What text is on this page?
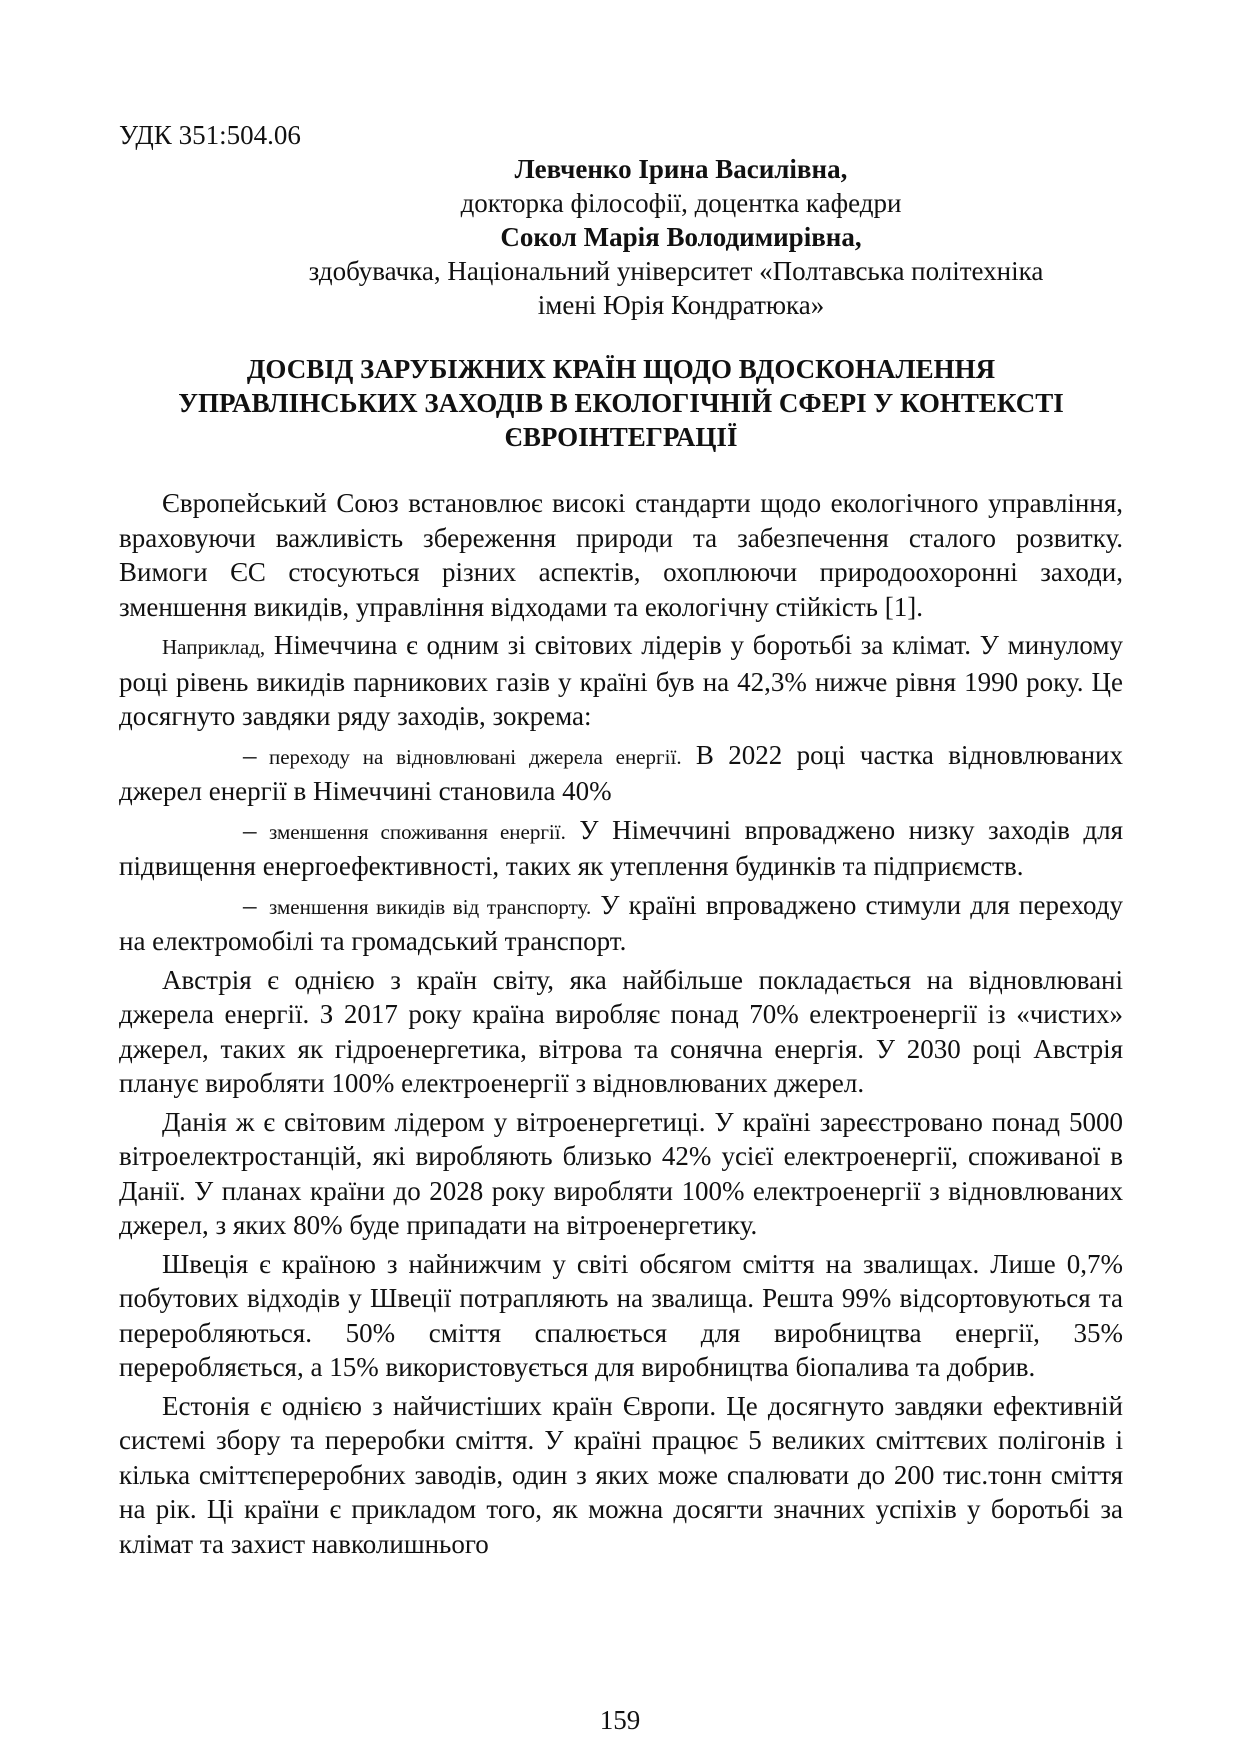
УДК 351:504.06
Левченко Ірина Василівна,
докторка філософії, доцентка кафедри
Сокол Марія Володимирівна,
здобувачка, Національний університет «Полтавська політехніка
імені Юрія Кондратюка»
ДОСВІД ЗАРУБІЖНИХ КРАЇН ЩОДО ВДОСКОНАЛЕННЯ
УПРАВЛІНСЬКИХ ЗАХОДІВ В ЕКОЛОГІЧНІЙ СФЕРІ У КОНТЕКСТІ
ЄВРОІНТЕГРАЦІЇ

Європейський Союз встановлює високі стандарти щодо екологічного управління, враховуючи важливість збереження природи та забезпечення сталого розвитку. Вимоги ЄС стосуються різних аспектів, охоплюючи природоохоронні заходи, зменшення викидів, управління відходами та екологічну стійкість [1].

Наприклад, Німеччина є одним зі світових лідерів у боротьбі за клімат. У минулому році рівень викидів парникових газів у країні був на 42,3% нижче рівня 1990 року. Це досягнуто завдяки ряду заходів, зокрема:

– переходу на відновлювані джерела енергії. В 2022 році частка відновлюваних джерел енергії в Німеччині становила 40%

– зменшення споживання енергії. У Німеччині впроваджено низку заходів для підвищення енергоефективності, таких як утеплення будинків та підприємств.

– зменшення викидів від транспорту. У країні впроваджено стимули для переходу на електромобілі та громадський транспорт.

Австрія є однією з країн світу, яка найбільше покладається на відновлювані джерела енергії. З 2017 року країна виробляє понад 70% електроенергії із «чистих» джерел, таких як гідроенергетика, вітрова та сонячна енергія. У 2030 році Австрія планує виробляти 100% електроенергії з відновлюваних джерел.

Данія ж є світовим лідером у вітроенергетиці. У країні зареєстровано понад 5000 вітроелектростанцій, які виробляють близько 42% усієї електроенергії, споживаної в Данії. У планах країни до 2028 року виробляти 100% електроенергії з відновлюваних джерел, з яких 80% буде припадати на вітроенергетику.

Швеція є країною з найнижчим у світі обсягом сміття на звалищах. Лише 0,7% побутових відходів у Швеції потрапляють на звалища. Решта 99% відсортовуються та переробляються. 50% сміття спалюється для виробництва енергії, 35% переробляється, а 15% використовується для виробництва біопалива та добрив.

Естонія є однією з найчистіших країн Європи. Це досягнуто завдяки ефективній системі збору та переробки сміття. У країні працює 5 великих сміттєвих полігонів і кілька сміттєпереробних заводів, один з яких може спалювати до 200 тис.тонн сміття на рік. Ці країни є прикладом того, як можна досягти значних успіхів у боротьбі за клімат та захист навколишнього

159
